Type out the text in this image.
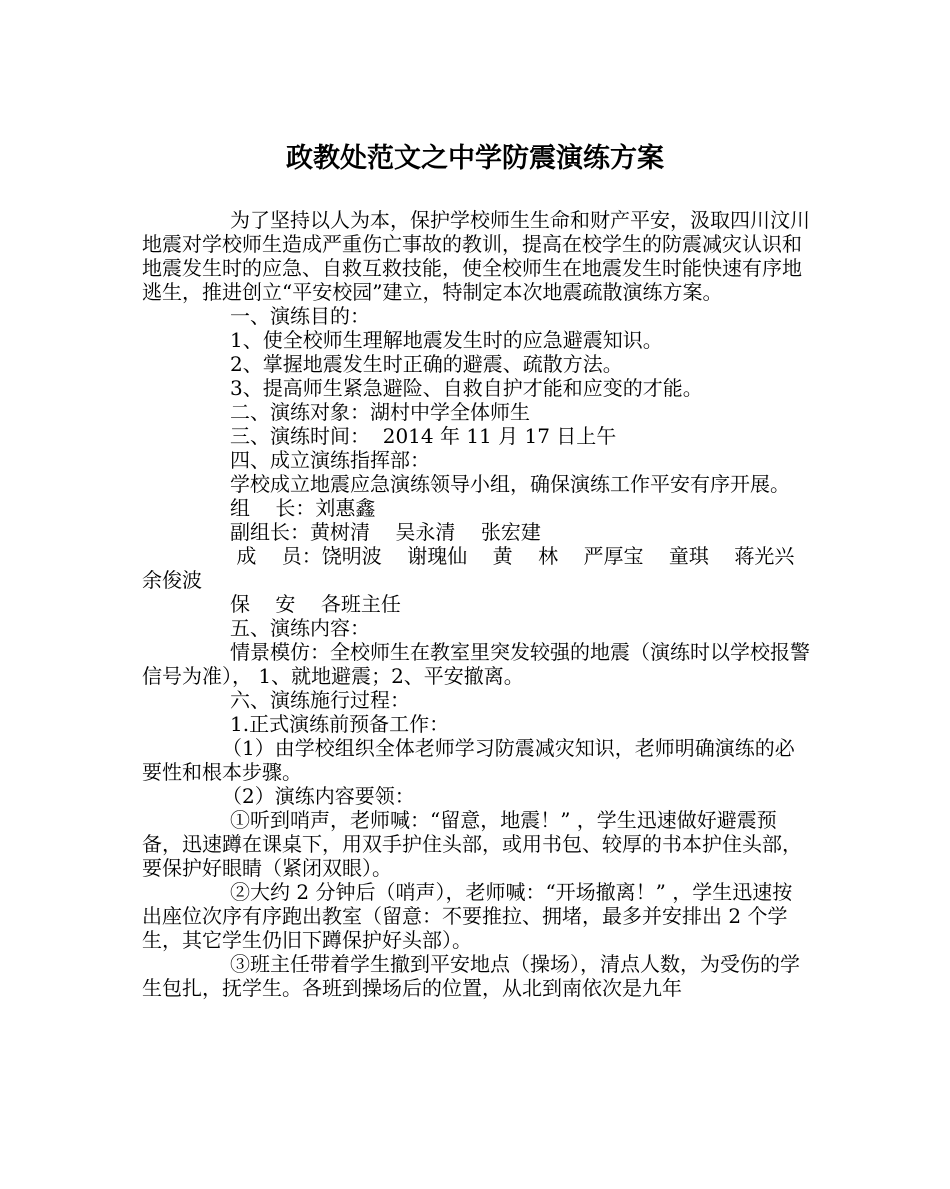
政教处范文之中学防震演练方案

为了坚持以人为本，保护学校师生生命和财产平安，汲取四川汶川地震对学校师生造成严重伤亡事故的教训，提高在校学生的防震减灾认识和地震发生时的应急、自救互救技能，使全校师生在地震发生时能快速有序地逃生，推进创立“平安校园”建立，特制定本次地震疏散演练方案。

一、演练目的：

1、使全校师生理解地震发生时的应急避震知识。

2、掌握地震发生时正确的避震、疏散方法。

3、提高师生紧急避险、自救自护才能和应变的才能。

二、演练对象：湖村中学全体师生

三、演练时间：  2014 年 11 月 17 日上午

四、成立演练指挥部：

学校成立地震应急演练领导小组，确保演练工作平安有序开展。

组    长：刘惠鑫

副组长：黄树清    吴永清    张宏建

成    员：饶明波    谢瑰仙    黄    林    严厚宝    童琪    蒋光兴    余俊波

保    安    各班主任

五、演练内容：

情景模仿：全校师生在教室里突发较强的地震（演练时以学校报警信号为准）， 1、就地避震；2、平安撤离。

六、演练施行过程：

1.正式演练前预备工作：

（1）由学校组织全体老师学习防震减灾知识，老师明确演练的必要性和根本步骤。

（2）演练内容要领：

①听到哨声，老师喊：“留意，地震！” ，学生迅速做好避震预备，迅速蹲在课桌下，用双手护住头部，或用书包、较厚的书本护住头部，要保护好眼睛（紧闭双眼）。

②大约 2 分钟后（哨声），老师喊：“开场撤离！” ，学生迅速按出座位次序有序跑出教室（留意：不要推拉、拥堵，最多并安排出 2 个学生，其它学生仍旧下蹲保护好头部）。

③班主任带着学生撤到平安地点（操场），清点人数，为受伤的学生包扎，抚学生。各班到操场后的位置，从北到南依次是九年
